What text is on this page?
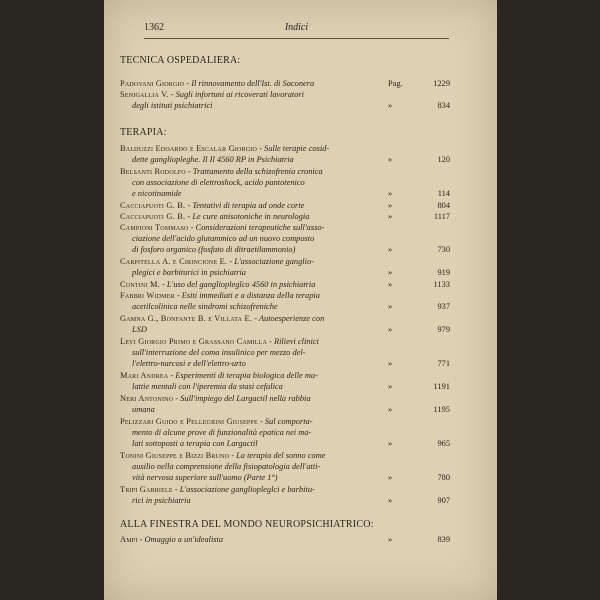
1362	Indici
TECNICA OSPEDALIERA:
Padovani Giorgio - Il rinnovamento dell'Ist. di Saconera	Pag.	1229
Senigallia V. - Sugli infortuni ai ricoverati lavoratori
degli istituti psichiatrici	»	834
TERAPIA:
Balduzzi Edoardo e Escalar Giorgio - Sulle terapie cosid-
dette gangliopleghe. Il Il 4560 RP in Psichiatria	»	120
Belsanti Rodolfo - Trattamento della schizofrenia cronica
con associazione di elettroshock, acido pantotenico
e nicotinamide	»	114
Cacciapuoti G. B. - Tentativi di terapia ad onde corte	»	804
Cacciapuoti G. B. - Le cure anisotoniche in neurologia	»	1117
Campioni Tommaso - Considerazioni terapeutiche sull'asso-
ciazione dell'acido glutammico ad un nuovo composto
di fosforo organico (fosfato di ditraetilammonio)	»	730
Carpitella A. e Cirincione E. - L'associazione ganglio-
plegici e barbiturici in psichiatria	»	919
Contini M. - L'uso del gangliopleglco 4560 in psichiatria	»	1133
Fabbri Widmer - Esiti immediati e a distanza della terapia
acetilcolinica nelle sindromi schizofreniche	»	937
Gamna G., Bonfante B. e Villata E. - Autoesperienze con
LSD	»	979
Levi Giorgio Primo e Grassano Camilla - Rilievi clinici
sull'interruzione del coma insulinico per mezzo del-
l'elettro-narcosi e dell'elettro-urto	»	771
Mari Andrea - Esperimenti di terapia biologica delle ma-
lattie mentali con l'iperemia da stasi cefalica	»	1191
Neri Antonino - Sull'impiego del Largactil nella rabbia
umana	»	1195
Pelizzari Guido e Pellegrini Giuseppe - Sul comporta-
mento di alcune prove di funzionalità epatica nei ma-
lati sottoposti a terapia con Largactil	»	965
Tonini Giuseppe e Bizzi Bruno - La terapia del sonno come
ausilio nella comprensione della fisiopatologia dell'atti-
vità nervosa superiore sull'uomo (Parte 1°)	»	780
Tripi Gabriele - L'associazione gangliopleglci e barbitu-
rici in psichiatria	»	907
ALLA FINESTRA DEL MONDO NEUROPSICHIATRICO:
Ampi - Omaggio a un'idealista	»	839
